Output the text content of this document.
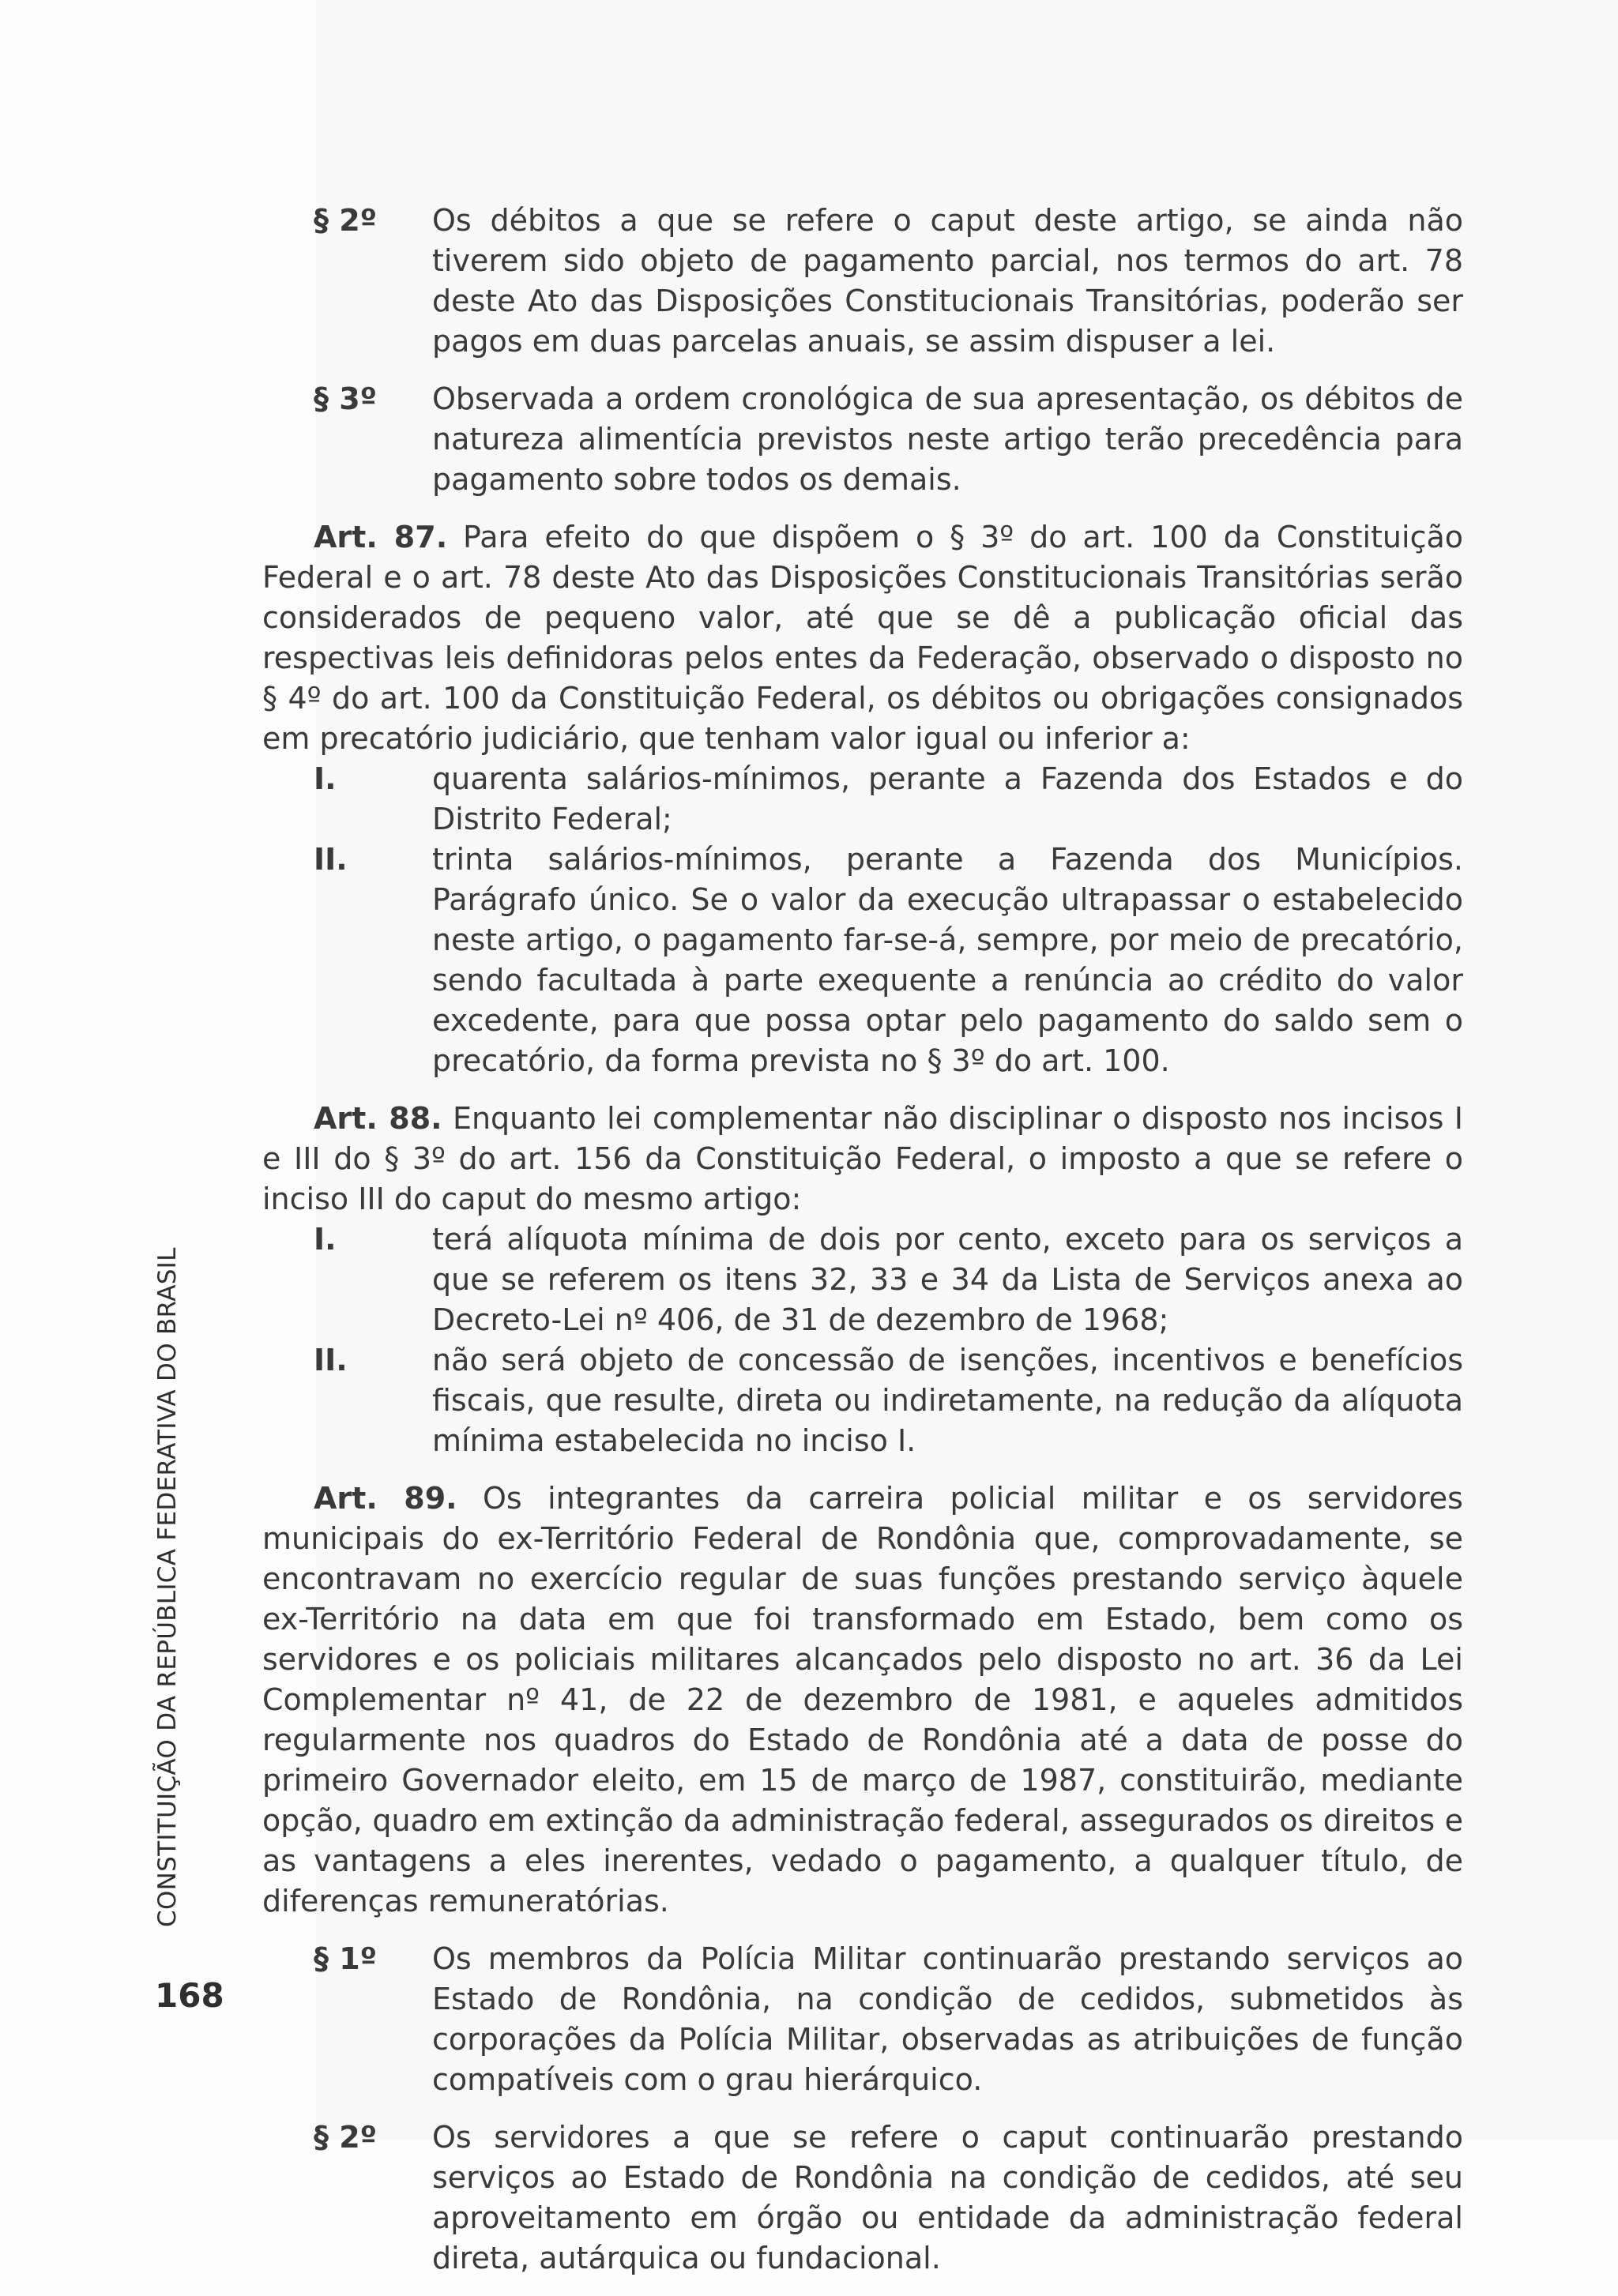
§ 2º	Os débitos a que se refere o caput deste artigo, se ainda não tiverem sido objeto de pagamento parcial, nos termos do art. 78 deste Ato das Disposições Constitucionais Transitórias, poderão ser pagos em duas parcelas anuais, se assim dispuser a lei.
§ 3º	Observada a ordem cronológica de sua apresentação, os débitos de natureza alimentícia previstos neste artigo terão precedência para pagamento sobre todos os demais.

Art. 87. Para efeito do que dispõem o § 3º do art. 100 da Constituição Federal e o art. 78 deste Ato das Disposições Constitucionais Transitórias serão considerados de pequeno valor, até que se dê a publicação oficial das respectivas leis definidoras pelos entes da Federação, observado o disposto no § 4º do art. 100 da Constituição Federal, os débitos ou obrigações consignados em precatório judiciário, que tenham valor igual ou inferior a:

I.	quarenta salários-mínimos, perante a Fazenda dos Estados e do Distrito Federal;
II.	trinta salários-mínimos, perante a Fazenda dos Municípios. Parágrafo único. Se o valor da execução ultrapassar o estabelecido neste artigo, o pagamento far-se-á, sempre, por meio de precatório, sendo facultada à parte exequente a renúncia ao crédito do valor excedente, para que possa optar pelo pagamento do saldo sem o precatório, da forma prevista no § 3º do art. 100.

Art. 88. Enquanto lei complementar não disciplinar o disposto nos incisos I e III do § 3º do art. 156 da Constituição Federal, o imposto a que se refere o inciso III do caput do mesmo artigo:

I.	terá alíquota mínima de dois por cento, exceto para os serviços a que se referem os itens 32, 33 e 34 da Lista de Serviços anexa ao Decreto-Lei nº 406, de 31 de dezembro de 1968;
II.	não será objeto de concessão de isenções, incentivos e benefícios fiscais, que resulte, direta ou indiretamente, na redução da alíquota mínima estabelecida no inciso I.

Art. 89. Os integrantes da carreira policial militar e os servidores municipais do ex-Território Federal de Rondônia que, comprovadamente, se encontravam no exercício regular de suas funções prestando serviço àquele ex-Território na data em que foi transformado em Estado, bem como os servidores e os policiais militares alcançados pelo disposto no art. 36 da Lei Complementar nº 41, de 22 de dezembro de 1981, e aqueles admitidos regularmente nos quadros do Estado de Rondônia até a data de posse do primeiro Governador eleito, em 15 de março de 1987, constituirão, mediante opção, quadro em extinção da administração federal, assegurados os direitos e as vantagens a eles inerentes, vedado o pagamento, a qualquer título, de diferenças remuneratórias.

§ 1º	Os membros da Polícia Militar continuarão prestando serviços ao Estado de Rondônia, na condição de cedidos, submetidos às corporações da Polícia Militar, observadas as atribuições de função compatíveis com o grau hierárquico.
§ 2º	Os servidores a que se refere o caput continuarão prestando serviços ao Estado de Rondônia na condição de cedidos, até seu aproveitamento em órgão ou entidade da administração federal direta, autárquica ou fundacional.
CONSTITUIÇÃO DA REPÚBLICA FEDERATIVA DO BRASIL
168
